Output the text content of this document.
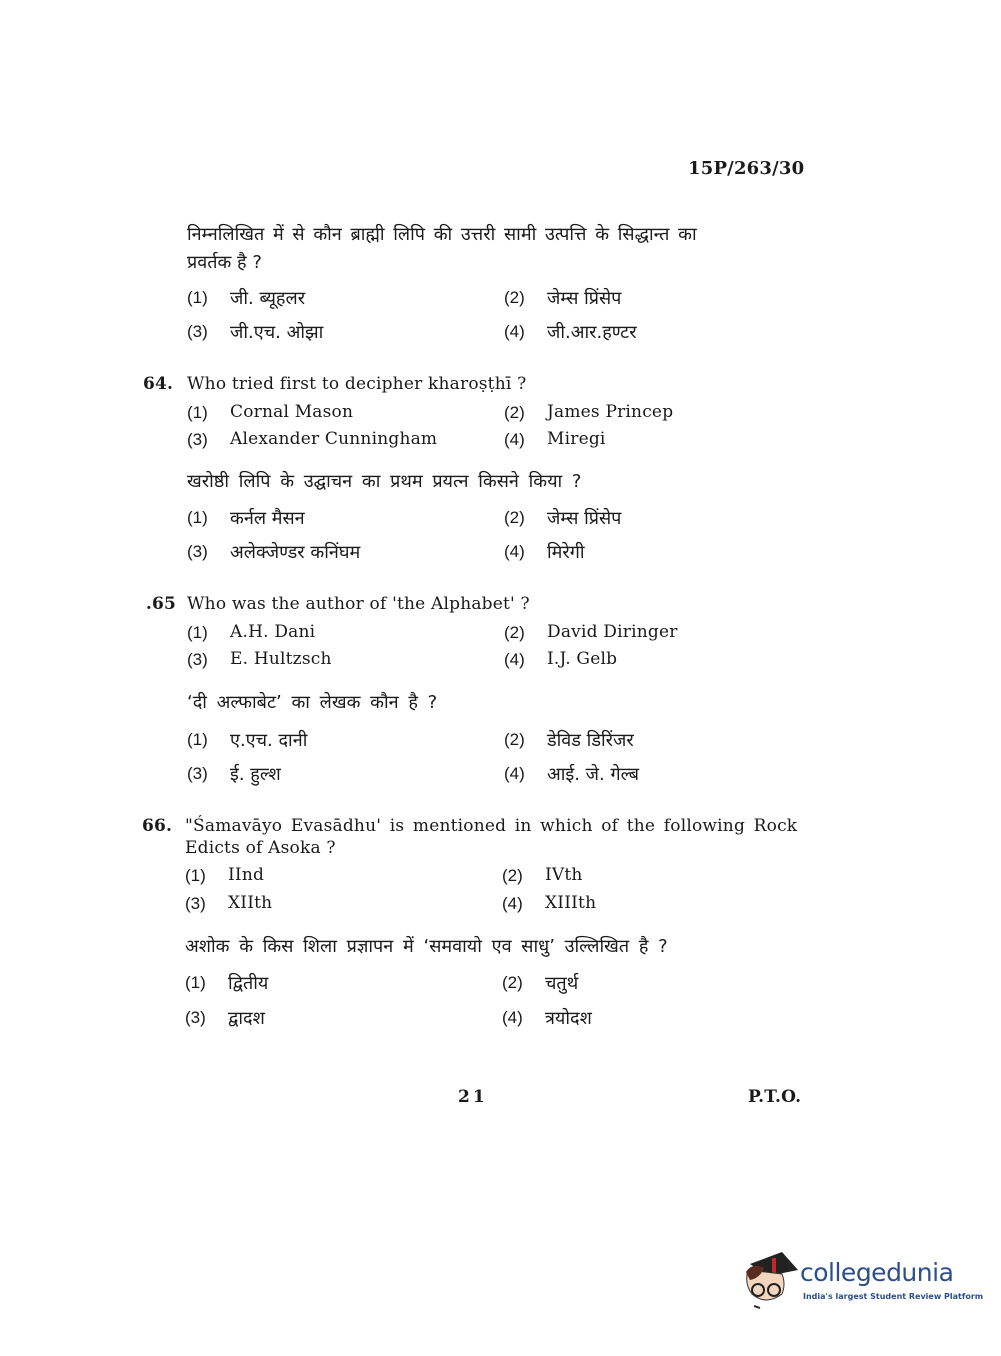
15P/263/30
निम्नलिखित में से कौन ब्राह्मी लिपि की उत्तरी सामी उत्पत्ति के सिद्धान्त का
प्रवर्तक है ?
(1) जी. ब्यूहलर	(2) जेम्स प्रिंसेप
(3) जी.एच. ओझा	(4) जी.आर.हण्टर
64. Who tried first to decipher kharoṣṭhī ?
(1) Cornal Mason	(2) James Princep
(3) Alexander Cunningham	(4) Miregi
खरोष्ठी लिपि के उद्घाचन का प्रथम प्रयत्न किसने किया ?
(1) कर्नल मैसन	(2) जेम्स प्रिंसेप
(3) अलेक्जेण्डर कनिंघम	(4) मिरेगी
65. Who was the author of 'the Alphabet' ?
(1) A.H. Dani	(2) David Diringer
(3) E. Hultzsch	(4) I.J. Gelb
‘दी अल्फाबेट’ का लेखक कौन है ?
(1) ए.एच. दानी	(2) डेविड डिरिंजर
(3) ई. हुल्श	(4) आई. जे. गेल्ब
66. "Śamavāyo Evasādhu' is mentioned in which of the following Rock
Edicts of Asoka ?
(1) IInd	(2) IVth
(3) XIIth	(4) XIIIth
अशोक के किस शिला प्रज्ञापन में ‘समवायो एव साधु’ उल्लिखित है ?
(1) द्वितीय	(2) चतुर्थ
(3) द्वादश	(4) त्रयोदश
21	P.T.O.
collegedunia
India's largest Student Review Platform
